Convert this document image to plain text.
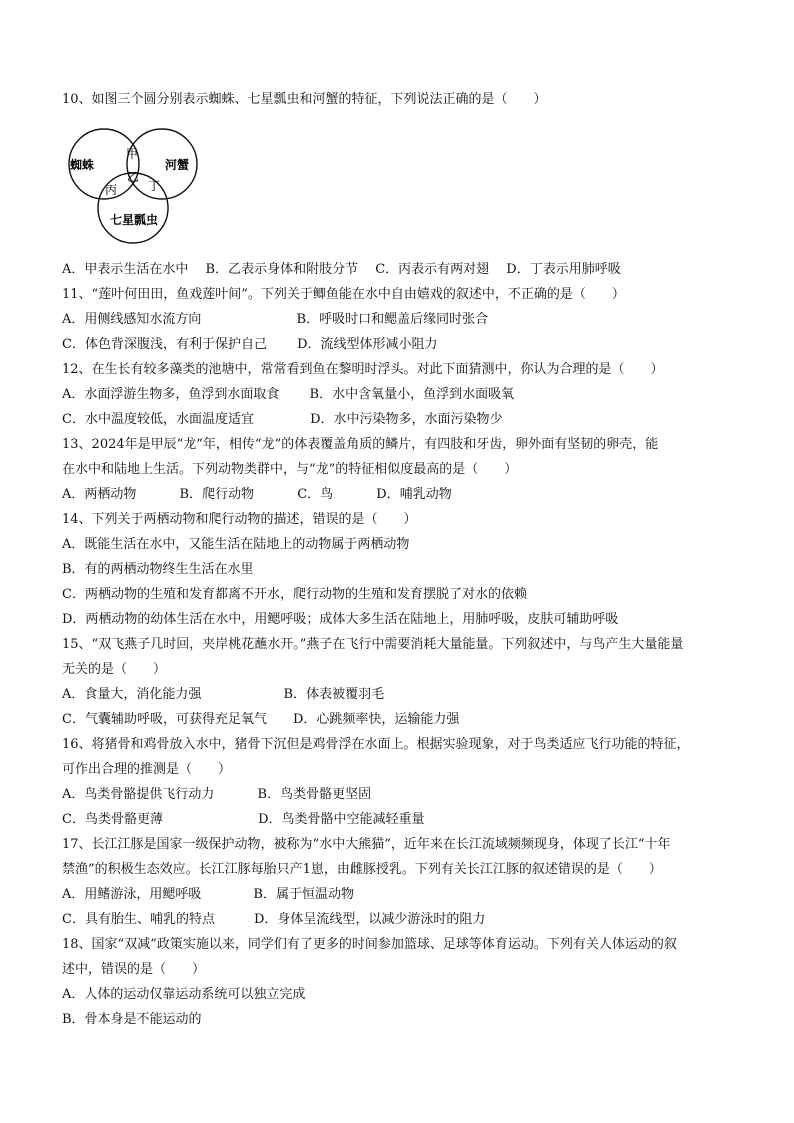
10、如图三个圆分别表示蜘蛛、七星瓢虫和河蟹的特征，下列说法正确的是（　　）
蜘蛛	河蟹
七星瓢虫
甲
乙
丙	丁
A．甲表示生活在水中　 B．乙表示身体和附肢分节　 C．丙表示有两对翅　 D．丁表示用肺呼吸
11、“莲叶何田田，鱼戏莲叶间”。下列关于鲫鱼能在水中自由嬉戏的叙述中，不正确的是（　　）
A．用侧线感知水流方向　　　　　　　 B．呼吸时口和鳃盖后缘同时张合
C．体色背深腹浅，有利于保护自己　　 D．流线型体形减小阻力
12、在生长有较多藻类的池塘中，常常看到鱼在黎明时浮头。对此下面猜测中，你认为合理的是（　　）
A．水面浮游生物多，鱼浮到水面取食　　 B．水中含氧量小，鱼浮到水面吸氧
C．水中温度较低，水面温度适宜　　　　 D．水中污染物多，水面污染物少
13、2024年是甲辰“龙”年，相传“龙”的体表覆盖角质的鳞片，有四肢和牙齿，卵外面有坚韧的卵壳，能
在水中和陆地上生活。下列动物类群中，与“龙”的特征相似度最高的是（　　）
A．两栖动物　　　 B．爬行动物　　　 C．鸟　　　 D．哺乳动物
14、下列关于两栖动物和爬行动物的描述，错误的是（　　）
A．既能生活在水中，又能生活在陆地上的动物属于两栖动物
B．有的两栖动物终生生活在水里
C．两栖动物的生殖和发育都离不开水，爬行动物的生殖和发育摆脱了对水的依赖
D．两栖动物的幼体生活在水中，用鳃呼吸；成体大多生活在陆地上，用肺呼吸，皮肤可辅助呼吸
15、“双飞燕子几时回，夹岸桃花蘸水开。”燕子在飞行中需要消耗大量能量。下列叙述中，与鸟产生大量能量
无关的是（　　）
A．食量大，消化能力强　　　　　　 B．体表被覆羽毛
C．气囊辅助呼吸，可获得充足氧气　　D．心跳频率快，运输能力强
16、将猪骨和鸡骨放入水中，猪骨下沉但是鸡骨浮在水面上。根据实验现象，对于鸟类适应飞行功能的特征，
可作出合理的推测是（　　）
A．鸟类骨骼提供飞行动力　　　 B．鸟类骨骼更坚固
C．鸟类骨骼更薄　　　　　　　 D．鸟类骨骼中空能减轻重量
17、长江江豚是国家一级保护动物，被称为“水中大熊猫”，近年来在长江流域频频现身，体现了长江“十年
禁渔”的积极生态效应。长江江豚每胎只产1崽，由雌豚授乳。下列有关长江江豚的叙述错误的是（　　）
A．用鳍游泳，用鳃呼吸　　　　B．属于恒温动物
C．具有胎生、哺乳的特点　　　D．身体呈流线型，以减少游泳时的阻力
18、国家“双减”政策实施以来，同学们有了更多的时间参加篮球、足球等体育运动。下列有关人体运动的叙
述中，错误的是（　　）
A．人体的运动仅靠运动系统可以独立完成
B．骨本身是不能运动的
